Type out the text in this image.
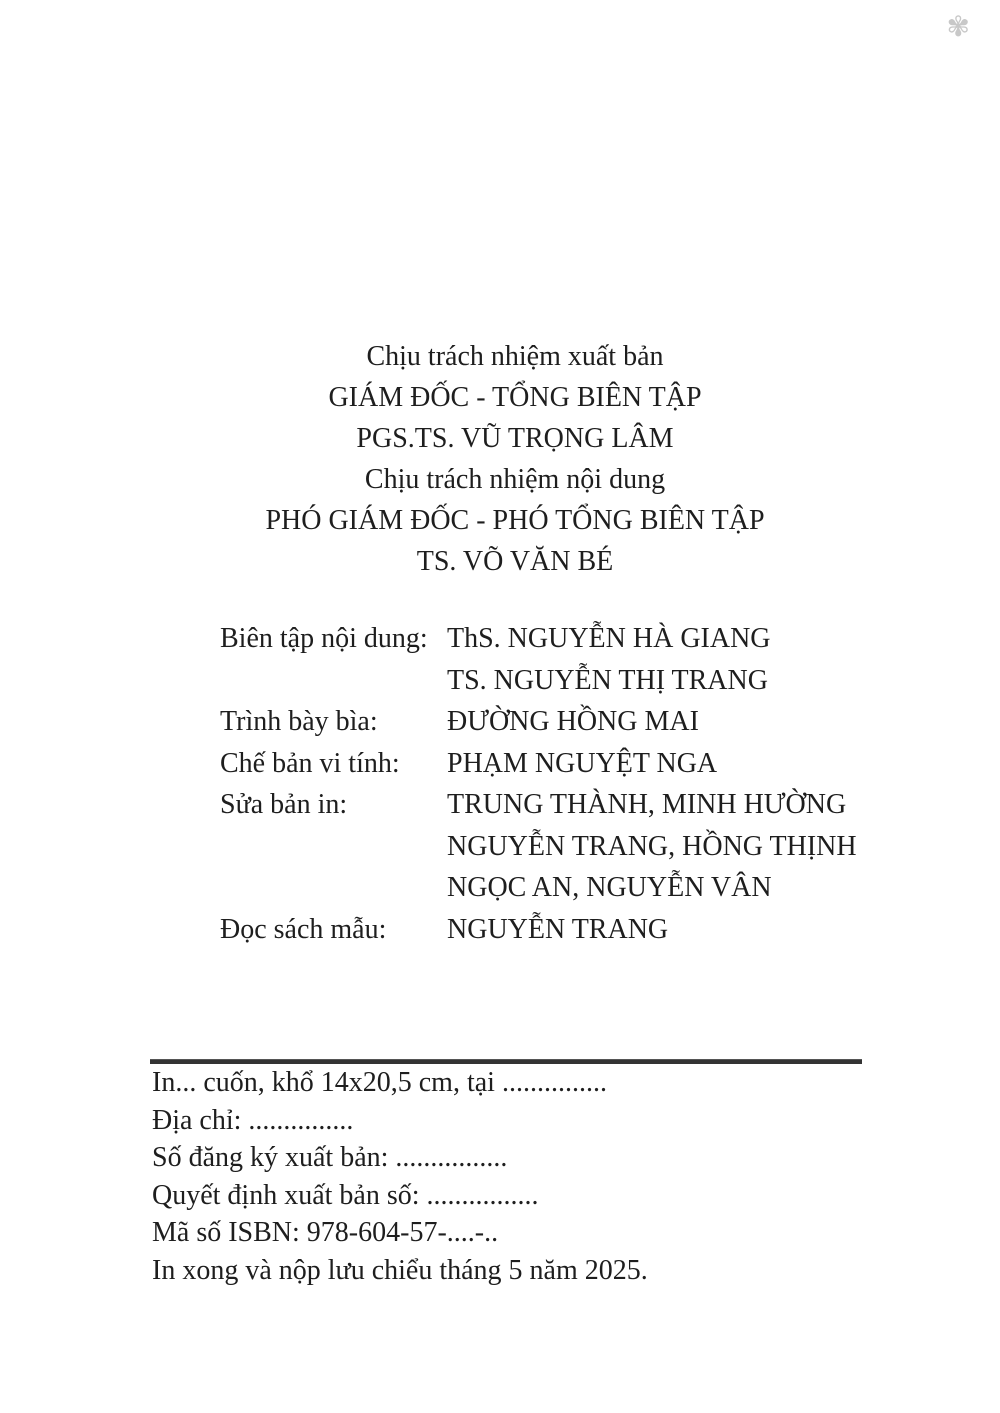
✾
Chịu trách nhiệm xuất bản
GIÁM ĐỐC - TỔNG BIÊN TẬP
PGS.TS. VŨ TRỌNG LÂM
Chịu trách nhiệm nội dung
PHÓ GIÁM ĐỐC - PHÓ TỔNG BIÊN TẬP
TS. VÕ VĂN BÉ
Biên tập nội dung: ThS. NGUYỄN HÀ GIANG
TS. NGUYỄN THỊ TRANG
Trình bày bìa:	ĐƯỜNG HỒNG MAI
Chế bản vi tính:	PHẠM NGUYỆT NGA
Sửa bản in:	TRUNG THÀNH, MINH HƯỜNG
NGUYỄN TRANG, HỒNG THỊNH
NGỌC AN, NGUYỄN VÂN
Đọc sách mẫu:	NGUYỄN TRANG
In... cuốn, khổ 14x20,5 cm, tại ...............
Địa chỉ: ...............
Số đăng ký xuất bản: ................
Quyết định xuất bản số: ................
Mã số ISBN: 978-604-57-....-..
In xong và nộp lưu chiểu tháng 5 năm 2025.
